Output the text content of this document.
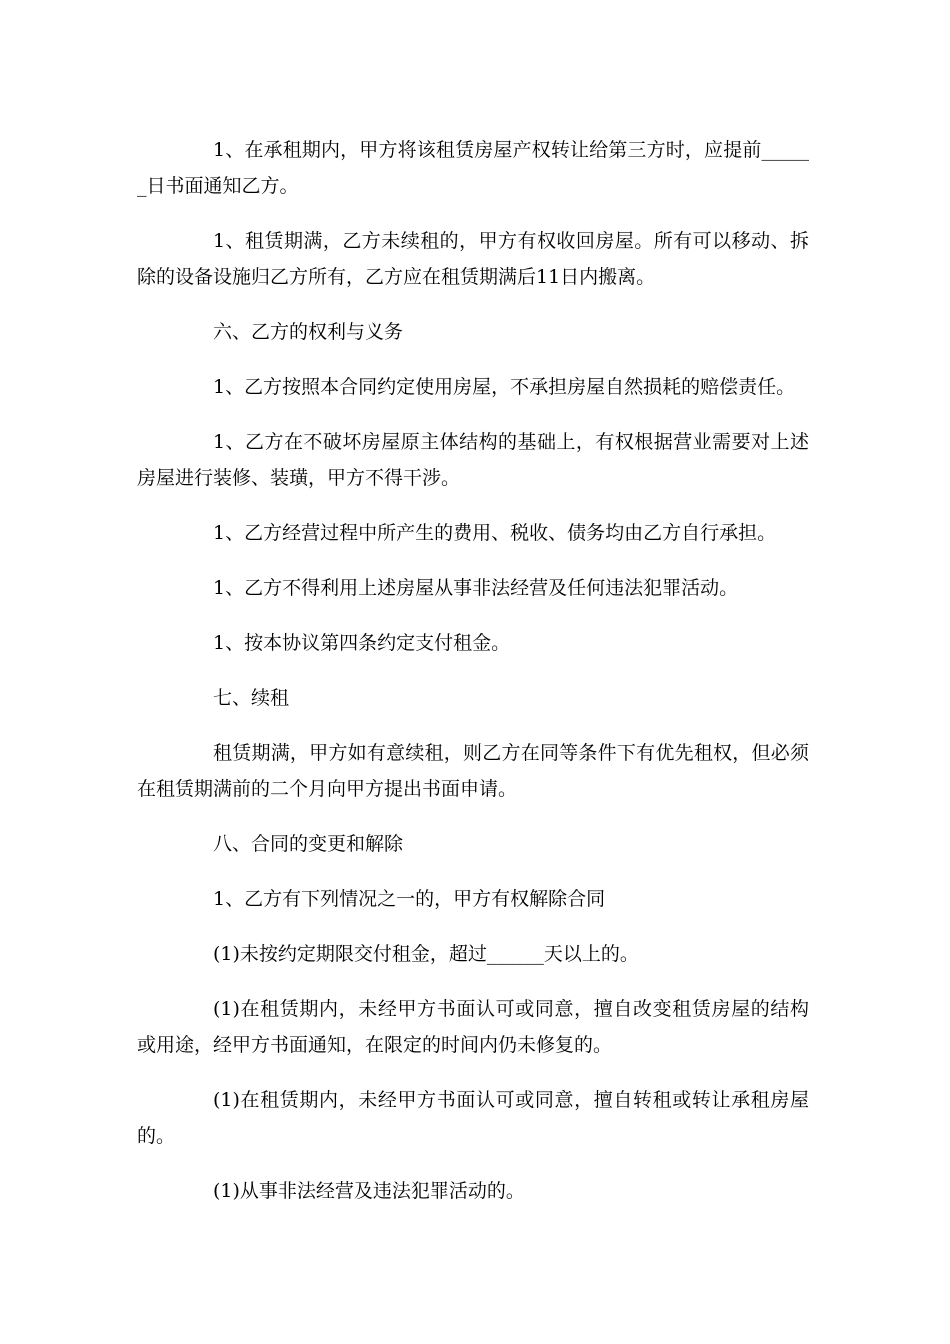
1、在承租期内，甲方将该租赁房屋产权转让给第三方时，应提前______日书面通知乙方。

1、租赁期满，乙方未续租的，甲方有权收回房屋。所有可以移动、拆除的设备设施归乙方所有，乙方应在租赁期满后11日内搬离。

六、乙方的权利与义务

1、乙方按照本合同约定使用房屋，不承担房屋自然损耗的赔偿责任。

1、乙方在不破坏房屋原主体结构的基础上，有权根据营业需要对上述房屋进行装修、装璜，甲方不得干涉。

1、乙方经营过程中所产生的费用、税收、债务均由乙方自行承担。

1、乙方不得利用上述房屋从事非法经营及任何违法犯罪活动。

1、按本协议第四条约定支付租金。

七、续租

租赁期满，甲方如有意续租，则乙方在同等条件下有优先租权，但必须在租赁期满前的二个月向甲方提出书面申请。

八、合同的变更和解除

1、乙方有下列情况之一的，甲方有权解除合同

(1)未按约定期限交付租金，超过______天以上的。

(1)在租赁期内，未经甲方书面认可或同意，擅自改变租赁房屋的结构或用途，经甲方书面通知，在限定的时间内仍未修复的。

(1)在租赁期内，未经甲方书面认可或同意，擅自转租或转让承租房屋的。

(1)从事非法经营及违法犯罪活动的。
